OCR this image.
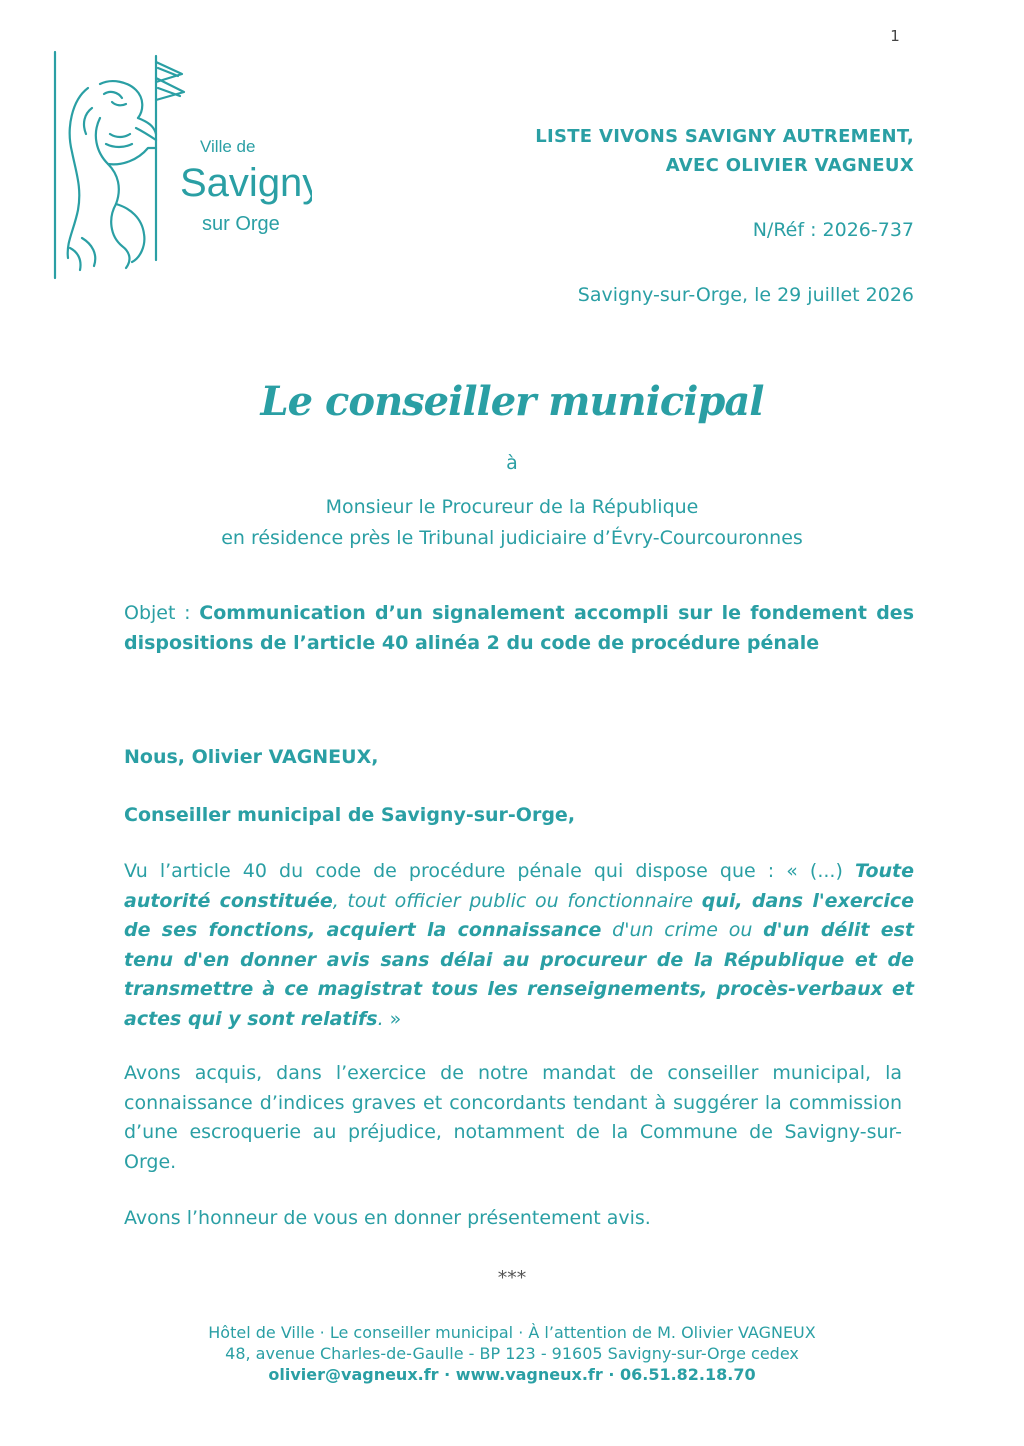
1
Ville de
Savigny
sur Orge
LISTE VIVONS SAVIGNY AUTREMENT,
AVEC OLIVIER VAGNEUX
N/Réf : 2026-737
Savigny-sur-Orge, le 29 juillet 2026
Le conseiller municipal
à
Monsieur le Procureur de la République
en résidence près le Tribunal judiciaire d’Évry-Courcouronnes
Objet : Communication d’un signalement accompli sur le fondement des dispositions de l’article 40 alinéa 2 du code de procédure pénale
Nous, Olivier VAGNEUX,
Conseiller municipal de Savigny-sur-Orge,
Vu l’article 40 du code de procédure pénale qui dispose que : « (...) Toute autorité constituée, tout officier public ou fonctionnaire qui, dans l'exercice de ses fonctions, acquiert la connaissance d'un crime ou d'un délit est tenu d'en donner avis sans délai au procureur de la République et de transmettre à ce magistrat tous les renseignements, procès-verbaux et actes qui y sont relatifs. »
Avons acquis, dans l’exercice de notre mandat de conseiller municipal, la connaissance d’indices graves et concordants tendant à suggérer la commission d’une escroquerie au préjudice, notamment de la Commune de Savigny-sur-Orge.
Avons l’honneur de vous en donner présentement avis.
***
Hôtel de Ville · Le conseiller municipal · À l’attention de M. Olivier VAGNEUX
48, avenue Charles-de-Gaulle - BP 123 - 91605 Savigny-sur-Orge cedex
olivier@vagneux.fr · www.vagneux.fr · 06.51.82.18.70
